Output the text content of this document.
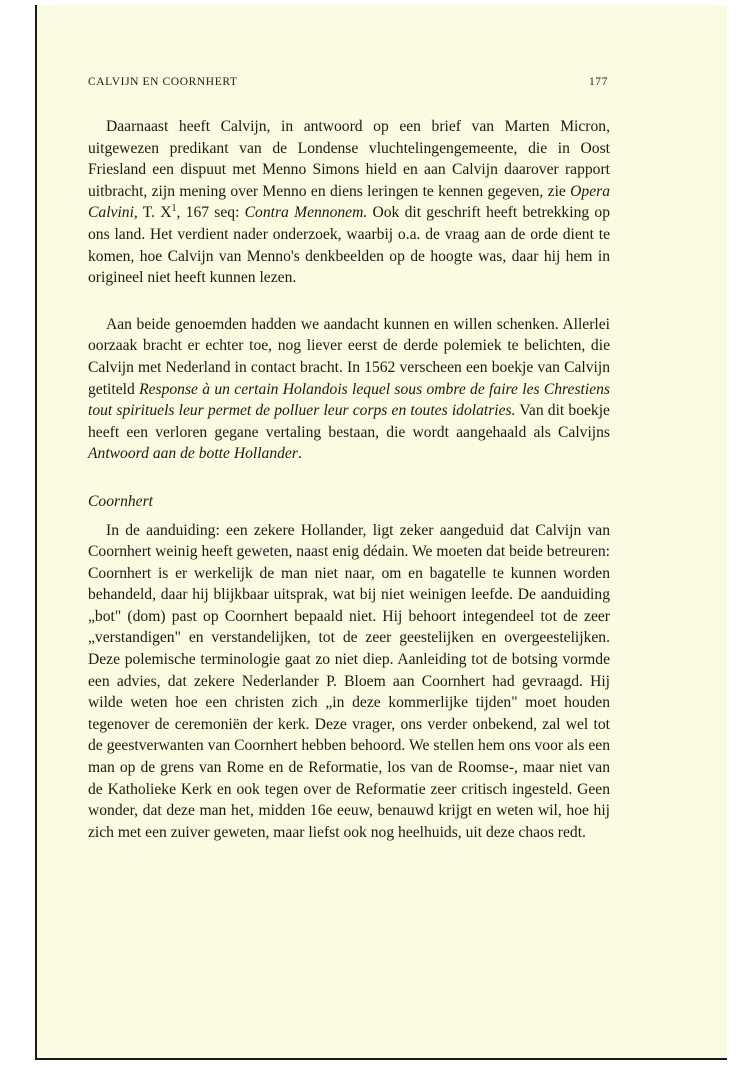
CALVIJN EN COORNHERT	177

Daarnaast heeft Calvijn, in antwoord op een brief van Marten Micron, uitgewezen predikant van de Londense vluchtelingengemeente, die in Oost Friesland een dispuut met Menno Simons hield en aan Calvijn daarover rapport uitbracht, zijn mening over Menno en diens leringen te kennen gegeven, zie Opera Calvini, T. $X^1$, 167 seq: Contra Mennonem. Ook dit geschrift heeft betrekking op ons land. Het verdient nader onderzoek, waarbij o.a. de vraag aan de orde dient te komen, hoe Calvijn van Menno's denkbeelden op de hoogte was, daar hij hem in origineel niet heeft kunnen lezen.

Aan beide genoemden hadden we aandacht kunnen en willen schenken. Allerlei oorzaak bracht er echter toe, nog liever eerst de derde polemiek te belichten, die Calvijn met Nederland in contact bracht. In 1562 verscheen een boekje van Calvijn getiteld Response à un certain Holandois lequel sous ombre de faire les Chrestiens tout spirituels leur permet de polluer leur corps en toutes idolatries. Van dit boekje heeft een verloren gegane vertaling bestaan, die wordt aangehaald als Calvijns Antwoord aan de botte Hollander.

Coornhert

In de aanduiding: een zekere Hollander, ligt zeker aangeduid dat Calvijn van Coornhert weinig heeft geweten, naast enig dédain. We moeten dat beide betreuren: Coornhert is er werkelijk de man niet naar, om en bagatelle te kunnen worden behandeld, daar hij blijkbaar uitsprak, wat bij niet weinigen leefde. De aanduiding „bot" (dom) past op Coornhert bepaald niet. Hij behoort integendeel tot de zeer „verstandigen" en verstandelijken, tot de zeer geestelijken en overgeestelijken. Deze polemische terminologie gaat zo niet diep. Aanleiding tot de botsing vormde een advies, dat zekere Nederlander P. Bloem aan Coornhert had gevraagd. Hij wilde weten hoe een christen zich „in deze kommerlijke tijden" moet houden tegenover de ceremoniën der kerk. Deze vrager, ons verder onbekend, zal wel tot de geestverwanten van Coornhert hebben behoord. We stellen hem ons voor als een man op de grens van Rome en de Reformatie, los van de Roomse-, maar niet van de Katholieke Kerk en ook tegen over de Reformatie zeer critisch ingesteld. Geen wonder, dat deze man het, midden 16e eeuw, benauwd krijgt en weten wil, hoe hij zich met een zuiver geweten, maar liefst ook nog heelhuids, uit deze chaos redt.
